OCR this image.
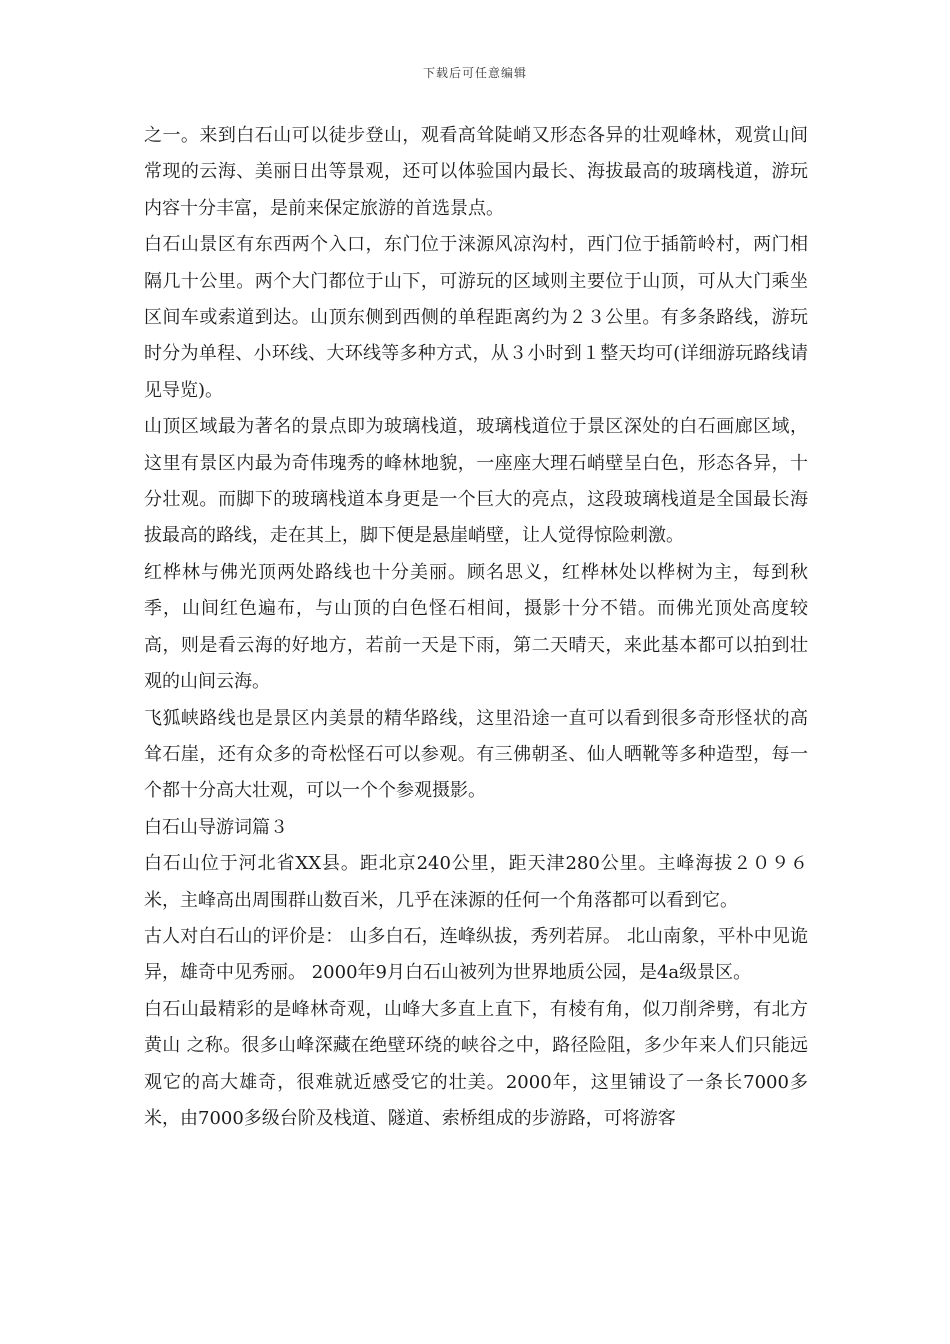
下载后可任意编辑

之一。来到白石山可以徒步登山，观看高耸陡峭又形态各异的壮观峰林，观赏山间常现的云海、美丽日出等景观，还可以体验国内最长、海拔最高的玻璃栈道，游玩内容十分丰富，是前来保定旅游的首选景点。

白石山景区有东西两个入口，东门位于涞源风凉沟村，西门位于插箭岭村，两门相隔几十公里。两个大门都位于山下，可游玩的区域则主要位于山顶，可从大门乘坐区间车或索道到达。山顶东侧到西侧的单程距离约为２３公里。有多条路线，游玩时分为单程、小环线、大环线等多种方式，从３小时到１整天均可(详细游玩路线请见导览)。

山顶区域最为著名的景点即为玻璃栈道，玻璃栈道位于景区深处的白石画廊区域，这里有景区内最为奇伟瑰秀的峰林地貌，一座座大理石峭壁呈白色，形态各异，十分壮观。而脚下的玻璃栈道本身更是一个巨大的亮点，这段玻璃栈道是全国最长海拔最高的路线，走在其上，脚下便是悬崖峭壁，让人觉得惊险刺激。

红桦林与佛光顶两处路线也十分美丽。顾名思义，红桦林处以桦树为主，每到秋季，山间红色遍布，与山顶的白色怪石相间，摄影十分不错。而佛光顶处高度较高，则是看云海的好地方，若前一天是下雨，第二天晴天，来此基本都可以拍到壮观的山间云海。

飞狐峡路线也是景区内美景的精华路线，这里沿途一直可以看到很多奇形怪状的高耸石崖，还有众多的奇松怪石可以参观。有三佛朝圣、仙人晒靴等多种造型，每一个都十分高大壮观，可以一个个参观摄影。

白石山导游词篇３

白石山位于河北省XX县。距北京240公里，距天津280公里。主峰海拔２０９６米，主峰高出周围群山数百米，几乎在涞源的任何一个角落都可以看到它。

古人对白石山的评价是： 山多白石，连峰纵拔，秀列若屏。 北山南象，平朴中见诡异，雄奇中见秀丽。 2000年9月白石山被列为世界地质公园，是4a级景区。

白石山最精彩的是峰林奇观，山峰大多直上直下，有棱有角，似刀削斧劈，有北方黄山 之称。很多山峰深藏在绝壁环绕的峡谷之中，路径险阻，多少年来人们只能远观它的高大雄奇，很难就近感受它的壮美。2000年，这里铺设了一条长7000多米，由7000多级台阶及栈道、隧道、索桥组成的步游路，可将游客
